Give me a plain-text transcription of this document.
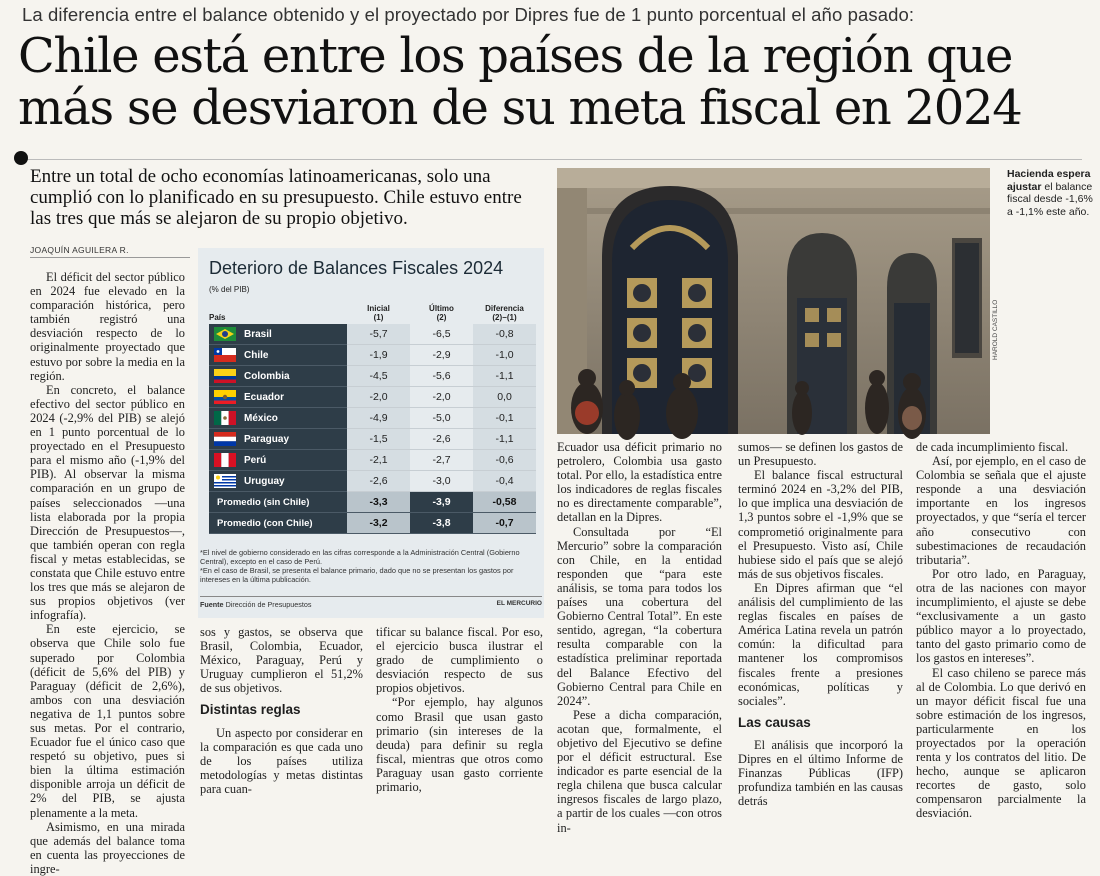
La diferencia entre el balance obtenido y el proyectado por Dipres fue de 1 punto porcentual el año pasado:
Chile está entre los países de la región que más se desviaron de su meta fiscal en 2024
Entre un total de ocho economías latinoamericanas, solo una cumplió con lo planificado en su presupuesto. Chile estuvo entre las tres que más se alejaron de su propio objetivo.
JOAQUÍN AGUILERA R.

El déficit del sector público en 2024 fue elevado en la comparación histórica, pero también registró una desviación respecto de lo originalmente proyectado que estuvo por sobre la media en la región.

En concreto, el balance efectivo del sector público en 2024 (-2,9% del PIB) se alejó en 1 punto porcentual de lo proyectado en el Presupuesto para el mismo año (-1,9% del PIB). Al observar la misma comparación en un grupo de países seleccionados —una lista elaborada por la propia Dirección de Presupuestos—, que también operan con regla fiscal y metas establecidas, se constata que Chile estuvo entre los tres que más se alejaron de sus propios objetivos (ver infografía).

En este ejercicio, se observa que Chile solo fue superado por Colombia (déficit de 5,6% del PIB) y Paraguay (déficit de 2,6%), ambos con una desviación negativa de 1,1 puntos sobre sus metas. Por el contrario, Ecuador fue el único caso que respetó su objetivo, pues si bien la última estimación disponible arroja un déficit de 2% del PIB, se ajusta plenamente a la meta.

Asimismo, en una mirada que además del balance toma en cuenta las proyecciones de ingre-

Deterioro de Balances Fiscales 2024
(% del PIB)
País
Inicial
(1)
Último
(2)
Diferencia
(2)−(1)
Brasil	-5,7	-6,5	-0,8
Chile	-1,9	-2,9	-1,0
Colombia	-4,5	-5,6	-1,1
Ecuador	-2,0	-2,0	0,0
México	-4,9	-5,0	-0,1
Paraguay	-1,5	-2,6	-1,1
Perú	-2,1	-2,7	-0,6
Uruguay	-2,6	-3,0	-0,4
Promedio (sin Chile)	-3,3	-3,9	-0,58
Promedio (con Chile)	-3,2	-3,8	-0,7
*El nivel de gobierno considerado en las cifras corresponde a la Administración Central (Gobierno Central), excepto en el caso de Perú.
*En el caso de Brasil, se presenta el balance primario, dado que no se presentan los gastos por intereses en la última publicación.
Fuente Dirección de Presupuestos	EL MERCURIO
HAROLD CASTILLO
Hacienda espera ajustar el balance fiscal desde -1,6% a -1,1% este año.

sos y gastos, se observa que Brasil, Colombia, Ecuador, México, Paraguay, Perú y Uruguay cumplieron el 51,2% de sus objetivos.

Distintas reglas

Un aspecto por considerar en la comparación es que cada uno de los países utiliza metodologías y metas distintas para cuan-

tificar su balance fiscal. Por eso, el ejercicio busca ilustrar el grado de cumplimiento o desviación respecto de sus propios objetivos.

“Por ejemplo, hay algunos como Brasil que usan gasto primario (sin intereses de la deuda) para definir su regla fiscal, mientras que otros como Paraguay usan gasto corriente primario,

Ecuador usa déficit primario no petrolero, Colombia usa gasto total. Por ello, la estadística entre los indicadores de reglas fiscales no es directamente comparable”, detallan en la Dipres.

Consultada por “El Mercurio” sobre la comparación con Chile, en la entidad responden que “para este análisis, se toma para todos los países una cobertura del Gobierno Central Total”. En este sentido, agregan, “la cobertura resulta comparable con la estadística preliminar reportada del Balance Efectivo del Gobierno Central para Chile en 2024”.

Pese a dicha comparación, acotan que, formalmente, el objetivo del Ejecutivo se define por el déficit estructural. Ese indicador es parte esencial de la regla chilena que busca calcular ingresos fiscales de largo plazo, a partir de los cuales —con otros in-

sumos— se definen los gastos de un Presupuesto.

El balance fiscal estructural terminó 2024 en -3,2% del PIB, lo que implica una desviación de 1,3 puntos sobre el -1,9% que se comprometió originalmente para el Presupuesto. Visto así, Chile hubiese sido el país que se alejó más de sus objetivos fiscales.

En Dipres afirman que “el análisis del cumplimiento de las reglas fiscales en países de América Latina revela un patrón común: la dificultad para mantener los compromisos fiscales frente a presiones económicas, políticas y sociales”.

Las causas

El análisis que incorporó la Dipres en el último Informe de Finanzas Públicas (IFP) profundiza también en las causas detrás

de cada incumplimiento fiscal.

Así, por ejemplo, en el caso de Colombia se señala que el ajuste responde a una desviación importante en los ingresos proyectados, y que “sería el tercer año consecutivo con subestimaciones de recaudación tributaria”.

Por otro lado, en Paraguay, otra de las naciones con mayor incumplimiento, el ajuste se debe “exclusivamente a un gasto público mayor a lo proyectado, tanto del gasto primario como de los gastos en intereses”.

El caso chileno se parece más al de Colombia. Lo que derivó en un mayor déficit fiscal fue una sobre estimación de los ingresos, particularmente en los proyectados por la operación renta y los contratos del litio. De hecho, aunque se aplicaron recortes de gasto, solo compensaron parcialmente la desviación.
